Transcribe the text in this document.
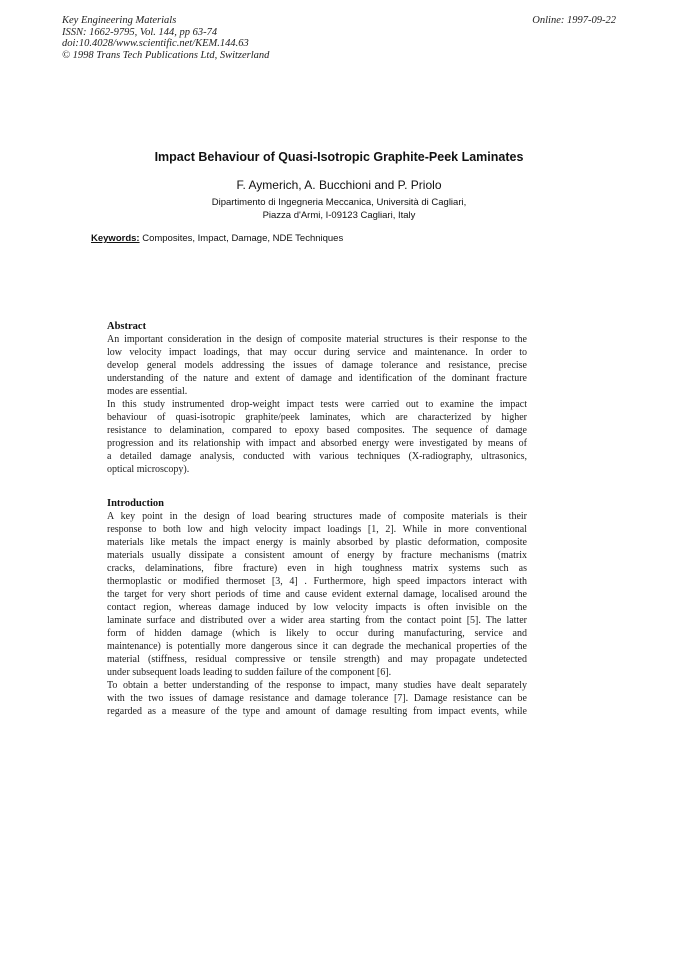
Key Engineering Materials
ISSN: 1662-9795, Vol. 144, pp 63-74
doi:10.4028/www.scientific.net/KEM.144.63
© 1998 Trans Tech Publications Ltd, Switzerland
Online: 1997-09-22
Impact Behaviour of Quasi-Isotropic Graphite-Peek Laminates
F. Aymerich, A. Bucchioni and P. Priolo
Dipartimento di Ingegneria Meccanica, Università di Cagliari,
Piazza d'Armi, I-09123 Cagliari, Italy
Keywords: Composites, Impact, Damage, NDE Techniques
Abstract
An important consideration in the design of composite material structures is their response to the
low velocity impact loadings, that may occur during service and maintenance. In order to
develop general models addressing the issues of damage tolerance and resistance, precise
understanding of the nature and extent of damage and identification of the dominant fracture
modes are essential.
In this study instrumented drop-weight impact tests were carried out to examine the impact
behaviour of quasi-isotropic graphite/peek laminates, which are characterized by higher
resistance to delamination, compared to epoxy based composites. The sequence of damage
progression and its relationship with impact and absorbed energy were investigated by means of
a detailed damage analysis, conducted with various techniques (X-radiography, ultrasonics,
optical microscopy).
Introduction
A key point in the design of load bearing structures made of composite materials is their
response to both low and high velocity impact loadings [1, 2]. While in more conventional
materials like metals the impact energy is mainly absorbed by plastic deformation, composite
materials usually dissipate a consistent amount of energy by fracture mechanisms (matrix
cracks, delaminations, fibre fracture) even in high toughness matrix systems such as
thermoplastic or modified thermoset [3, 4] . Furthermore, high speed impactors interact with
the target for very short periods of time and cause evident external damage, localised around the
contact region, whereas damage induced by low velocity impacts is often invisible on the
laminate surface and distributed over a wider area starting from the contact point [5]. The latter
form of hidden damage (which is likely to occur during manufacturing, service and
maintenance) is potentially more dangerous since it can degrade the mechanical properties of the
material (stiffness, residual compressive or tensile strength) and may propagate undetected
under subsequent loads leading to sudden failure of the component [6].
To obtain a better understanding of the response to impact, many studies have dealt separately
with the two issues of damage resistance and damage tolerance [7]. Damage resistance can be
regarded as a measure of the type and amount of damage resulting from impact events, while
